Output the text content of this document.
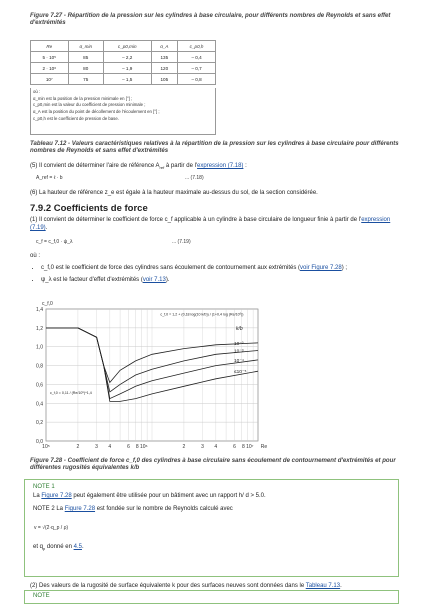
Figure 7.27 - Répartition de la pression sur les cylindres à base circulaire, pour différents nombres de Reynolds et sans effet d'extrémités
Re	α_min	c_p0,min	α_A	c_p0,h
5 · 10⁵	85	– 2,2	135	– 0,4
2 · 10⁶	80	– 1,9	120	– 0,7
10⁷	75	– 1,5	105	– 0,8
où :
α_min est la position de la pression minimale en [°] ;
c_p0,min est la valeur du coefficient de pression minimale ;
α_A est la position du point de décollement de l'écoulement en [°] ;
c_p0,h est le coefficient de pression de base.
Tableau 7.12 - Valeurs caractéristiques relatives à la répartition de la pression sur les cylindres à base circulaire pour différents nombres de Reynolds et sans effet d'extrémités
(5) Il convient de déterminer l'aire de référence $A_{ref}$ à partir de l'expression (7.18) :
A_ref = ℓ · b	... (7.18)
(6) La hauteur de référence z_e est égale à la hauteur maximale au-dessus du sol, de la section considérée.
7.9.2 Coefficients de force
(1) Il convient de déterminer le coefficient de force c_f applicable à un cylindre à base circulaire de longueur finie à partir de l'expression (7.19).
c_f = c_f,0 · ψ_λ	... (7.19)
où :
• c_f,0 est le coefficient de force des cylindres sans écoulement de contournement aux extrémités (voir Figure 7.28) ;
• ψ_λ est le facteur d'effet d'extrémités (voir 7.13).
0,0
0,2
0,4
0,6
0,8
1,0
1,2
1,4
10⁵	2	3 4	6 8 10⁶	2	3 4	6 8 10⁷ Re
c_f,0
10⁻²
10⁻³
10⁻⁴
≤10⁻⁵
k/b
c_f,0 = 1,2 + (0,18 log(10 k/b)) / (1+0,4 log (Re/10⁶))
c_f,0 = 0,11 / (Re/10⁶)^1,4
Figure 7.28 - Coefficient de force c_f,0 des cylindres à base circulaire sans écoulement de contournement d'extrémités et pour différentes rugosités équivalentes k/b
NOTE 1
La Figure 7.28 peut également être utilisée pour un bâtiment avec un rapport h/ d > 5.0.
NOTE 2 La Figure 7.28 est fondée sur le nombre de Reynolds calculé avec
v = √(2·q_p / ρ)
et $q_p$ donné en 4.5.
(2) Des valeurs de la rugosité de surface équivalente k pour des surfaces neuves sont données dans le Tableau 7.13.
NOTE
